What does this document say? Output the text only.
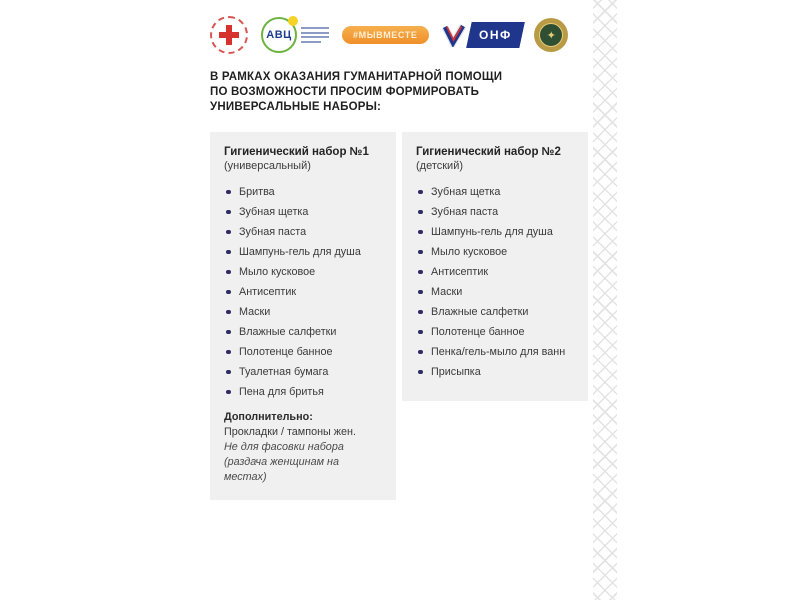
АВЦ	#МЫВМЕСТЕ	ОНФ	✦
В РАМКАХ ОКАЗАНИЯ ГУМАНИТАРНОЙ ПОМОЩИ
ПО ВОЗМОЖНОСТИ ПРОСИМ ФОРМИРОВАТЬ
УНИВЕРСАЛЬНЫЕ НАБОРЫ:
Гигиенический набор №1
(универсальный)
Бритва
Зубная щетка
Зубная паста
Шампунь-гель для душа
Мыло кусковое
Антисептик
Маски
Влажные салфетки
Полотенце банное
Туалетная бумага
Пена для бритья
Дополнительно:
Прокладки / тампоны жен.
Не для фасовки набора
(раздача женщинам на местах)
Гигиенический набор №2
(детский)
Зубная щетка
Зубная паста
Шампунь-гель для душа
Мыло кусковое
Антисептик
Маски
Влажные салфетки
Полотенце банное
Пенка/гель-мыло для ванн
Присыпка
